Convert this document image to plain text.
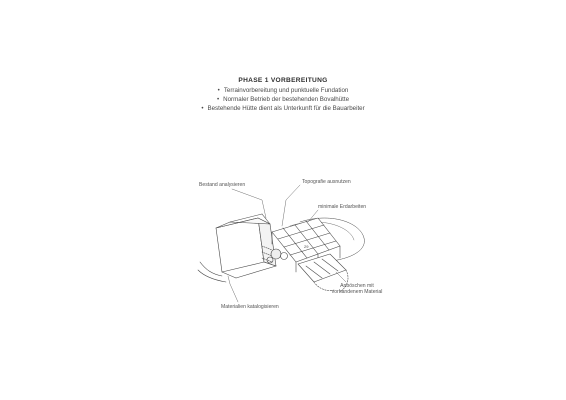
PHASE 1 VORBEREITUNG
• Terrainvorbereitung und punktuelle Fundation
• Normaler Betrieb der bestehenden Bovalhütte
• Bestehende Hütte dient als Unterkunft für die Bauarbeiter
29
Bestand analysieren	Topografie ausnutzen
minimale Erdarbeiten
Materialien katalogisieren
Anböschen mit
vorhandenem Material
